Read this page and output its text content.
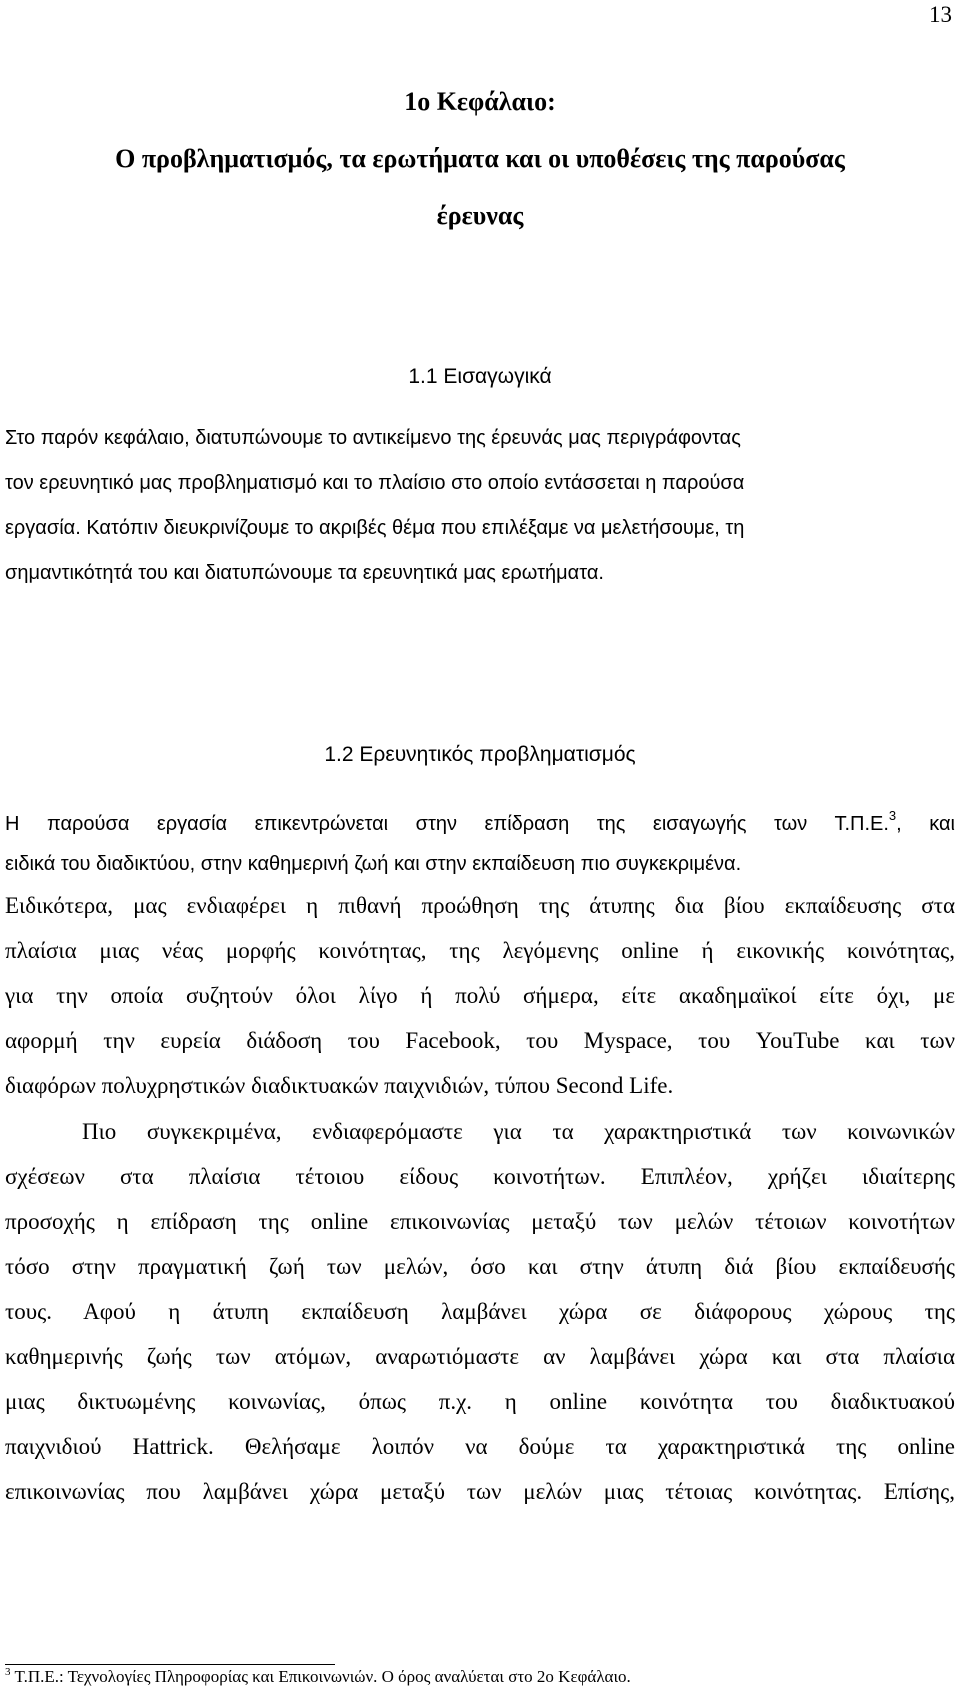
13
1ο Κεφάλαιο:
Ο προβληματισμός, τα ερωτήματα και οι υποθέσεις της παρούσας
έρευνας
1.1 Εισαγωγικά
Στο παρόν κεφάλαιο, διατυπώνουμε το αντικείμενο της έρευνάς μας περιγράφοντας
τον ερευνητικό μας προβληματισμό και το πλαίσιο στο οποίο εντάσσεται η παρούσα
εργασία. Κατόπιν διευκρινίζουμε το ακριβές θέμα που επιλέξαμε να μελετήσουμε, τη
σημαντικότητά του και διατυπώνουμε τα ερευνητικά μας ερωτήματα.
1.2 Ερευνητικός προβληματισμός
Η παρούσα εργασία επικεντρώνεται στην επίδραση της εισαγωγής των Τ.Π.Ε.$^3$, και
ειδικά του διαδικτύου, στην καθημερινή ζωή και στην εκπαίδευση πιο συγκεκριμένα.
Ειδικότερα, μας ενδιαφέρει η πιθανή προώθηση της άτυπης δια βίου εκπαίδευσης στα
πλαίσια μιας νέας μορφής κοινότητας, της λεγόμενης online ή εικονικής κοινότητας,
για την οποία συζητούν όλοι λίγο ή πολύ σήμερα, είτε ακαδημαϊκοί είτε όχι, με
αφορμή την ευρεία διάδοση του Facebook, του Myspace, του YouTube και των
διαφόρων πολυχρηστικών διαδικτυακών παιχνιδιών, τύπου Second Life.
Πιο συγκεκριμένα, ενδιαφερόμαστε για τα χαρακτηριστικά των κοινωνικών
σχέσεων στα πλαίσια τέτοιου είδους κοινοτήτων. Επιπλέον, χρήζει ιδιαίτερης
προσοχής η επίδραση της online επικοινωνίας μεταξύ των μελών τέτοιων κοινοτήτων
τόσο στην πραγματική ζωή των μελών, όσο και στην άτυπη διά βίου εκπαίδευσής
τους. Αφού η άτυπη εκπαίδευση λαμβάνει χώρα σε διάφορους χώρους της
καθημερινής ζωής των ατόμων, αναρωτιόμαστε αν λαμβάνει χώρα και στα πλαίσια
μιας δικτυωμένης κοινωνίας, όπως π.χ. η online κοινότητα του διαδικτυακού
παιχνιδιού Hattrick. Θελήσαμε λοιπόν να δούμε τα χαρακτηριστικά της online
επικοινωνίας που λαμβάνει χώρα μεταξύ των μελών μιας τέτοιας κοινότητας. Επίσης,
$^3$ Τ.Π.Ε.: Τεχνολογίες Πληροφορίας και Επικοινωνιών. Ο όρος αναλύεται στο 2ο Κεφάλαιο.
